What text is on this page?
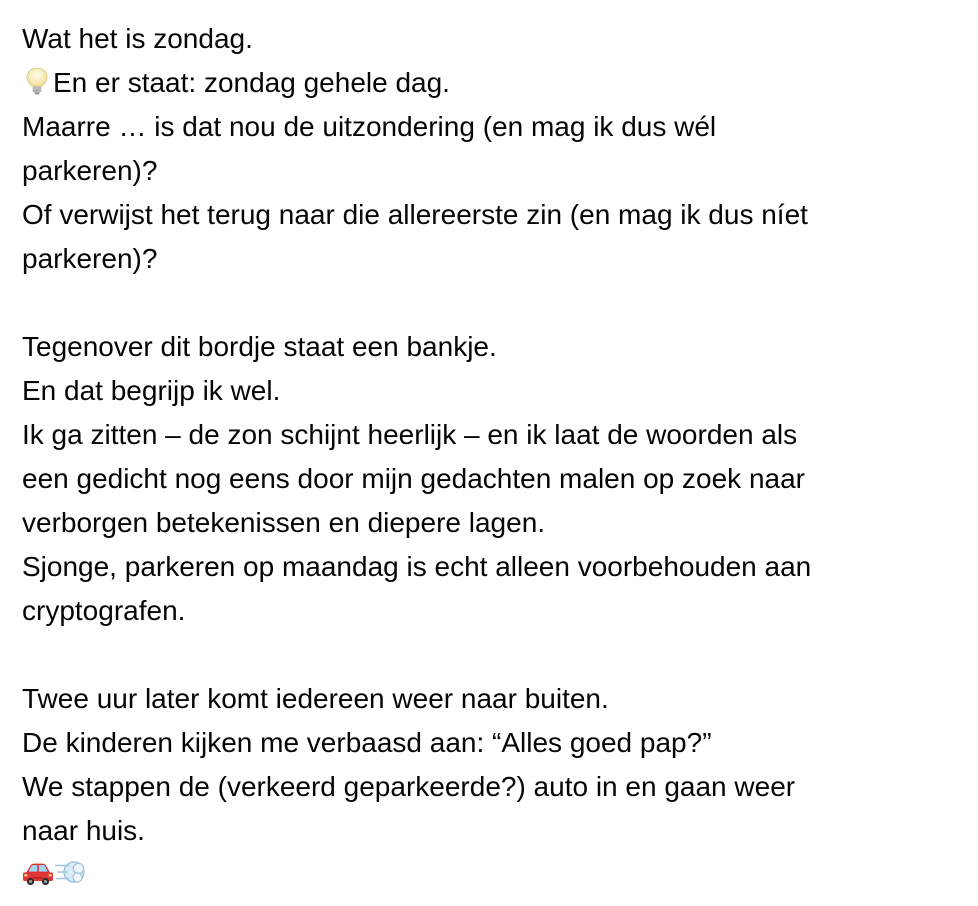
Wat het is zondag.
En er staat: zondag gehele dag.
Maarre … is dat nou de uitzondering (en mag ik dus wél
parkeren)?
Of verwijst het terug naar die allereerste zin (en mag ik dus níet
parkeren)?
Tegenover dit bordje staat een bankje.
En dat begrijp ik wel.
Ik ga zitten – de zon schijnt heerlijk – en ik laat de woorden als
een gedicht nog eens door mijn gedachten malen op zoek naar
verborgen betekenissen en diepere lagen.
Sjonge, parkeren op maandag is echt alleen voorbehouden aan
cryptografen.
Twee uur later komt iedereen weer naar buiten.
De kinderen kijken me verbaasd aan: “Alles goed pap?”
We stappen de (verkeerd geparkeerde?) auto in en gaan weer
naar huis.
